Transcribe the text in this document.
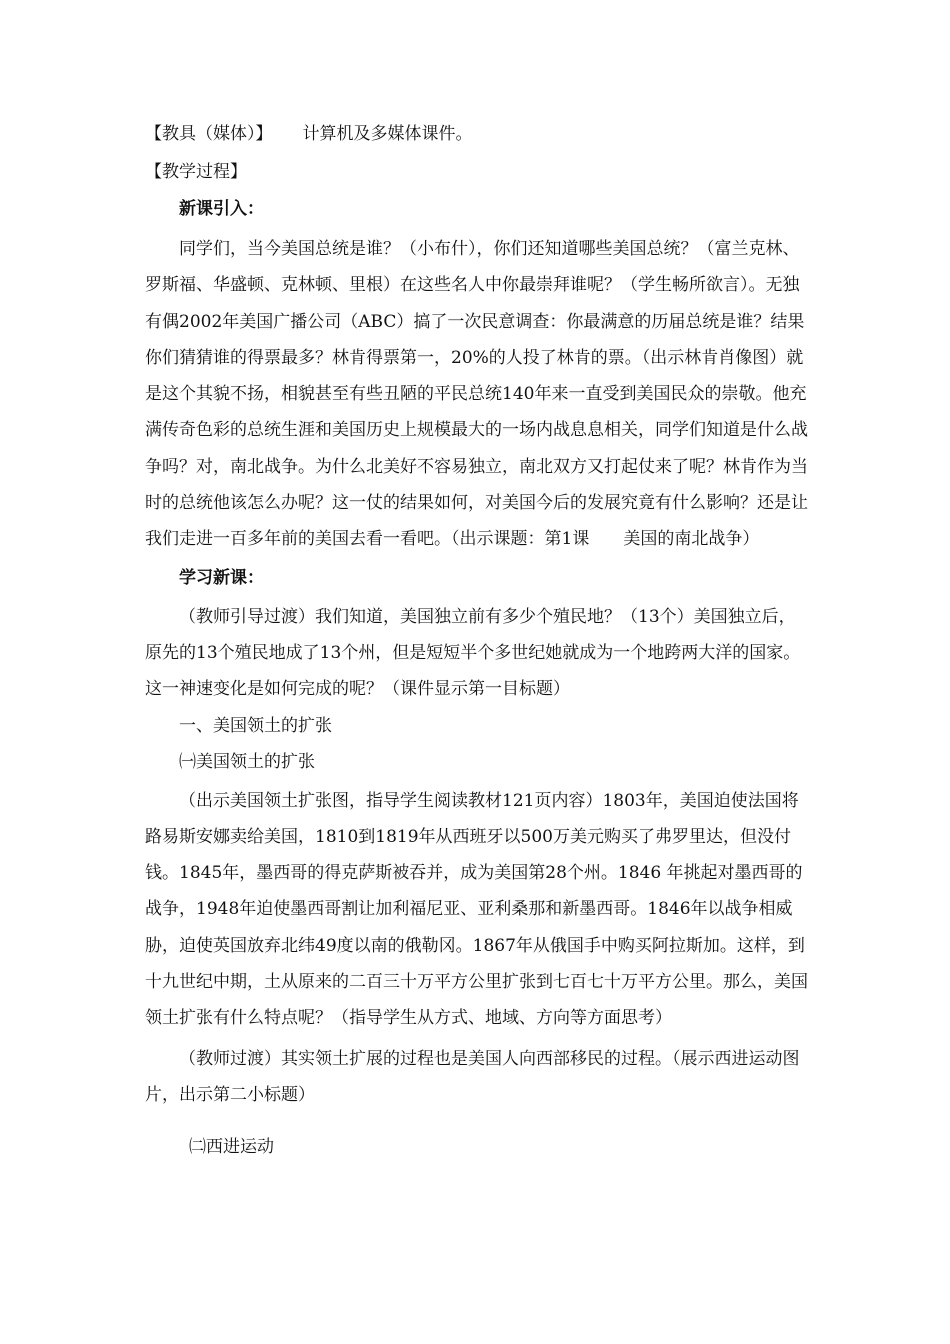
【教具（媒体）】 计算机及多媒体课件。
【教学过程】
新课引入：
同学们，当今美国总统是谁？（小布什），你们还知道哪些美国总统？（富兰克林、罗斯福、华盛顿、克林顿、里根）在这些名人中你最崇拜谁呢？（学生畅所欲言）。无独有偶2002年美国广播公司（ABC）搞了一次民意调查：你最满意的历届总统是谁？结果你们猜猜谁的得票最多？林肯得票第一，20%的人投了林肯的票。（出示林肯肖像图）就是这个其貌不扬，相貌甚至有些丑陋的平民总统140年来一直受到美国民众的崇敬。他充满传奇色彩的总统生涯和美国历史上规模最大的一场内战息息相关，同学们知道是什么战争吗？对，南北战争。为什么北美好不容易独立，南北双方又打起仗来了呢？林肯作为当时的总统他该怎么办呢？这一仗的结果如何，对美国今后的发展究竟有什么影响？还是让我们走进一百多年前的美国去看一看吧。（出示课题：第1课　　美国的南北战争）
学习新课：
（教师引导过渡）我们知道，美国独立前有多少个殖民地？（13个）美国独立后，原先的13个殖民地成了13个州，但是短短半个多世纪她就成为一个地跨两大洋的国家。这一神速变化是如何完成的呢？（课件显示第一目标题）
一、美国领土的扩张
㈠美国领土的扩张
（出示美国领土扩张图，指导学生阅读教材121页内容）1803年，美国迫使法国将路易斯安娜卖给美国，1810到1819年从西班牙以500万美元购买了弗罗里达，但没付钱。1845年，墨西哥的得克萨斯被吞并，成为美国第28个州。1846 年挑起对墨西哥的战争，1948年迫使墨西哥割让加利福尼亚、亚利桑那和新墨西哥。1846年以战争相威胁，迫使英国放弃北纬49度以南的俄勒冈。1867年从俄国手中购买阿拉斯加。这样，到十九世纪中期，土从原来的二百三十万平方公里扩张到七百七十万平方公里。那么，美国领土扩张有什么特点呢？（指导学生从方式、地域、方向等方面思考）
（教师过渡）其实领土扩展的过程也是美国人向西部移民的过程。（展示西进运动图片，出示第二小标题）
㈡西进运动
